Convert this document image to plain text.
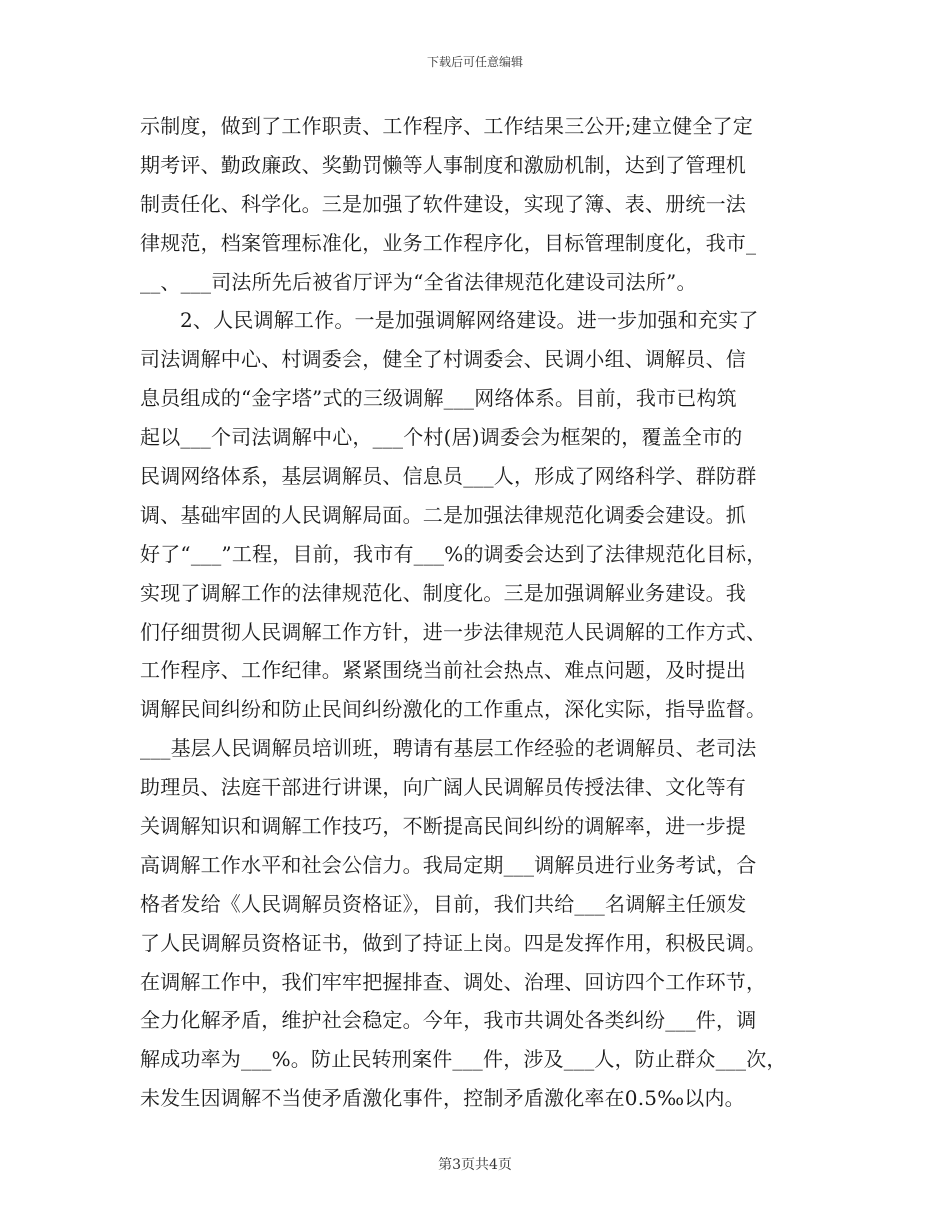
下载后可任意编辑
示制度，做到了工作职责、工作程序、工作结果三公开;建立健全了定
期考评、勤政廉政、奖勤罚懒等人事制度和激励机制，达到了管理机
制责任化、科学化。三是加强了软件建设，实现了簿、表、册统一法
律规范，档案管理标准化，业务工作程序化，目标管理制度化，我市_
__、___司法所先后被省厅评为“全省法律规范化建设司法所”。
2、人民调解工作。一是加强调解网络建设。进一步加强和充实了
司法调解中心、村调委会，健全了村调委会、民调小组、调解员、信
息员组成的“金字塔”式的三级调解___网络体系。目前，我市已构筑
起以___个司法调解中心，___个村(居)调委会为框架的，覆盖全市的
民调网络体系，基层调解员、信息员___人，形成了网络科学、群防群
调、基础牢固的人民调解局面。二是加强法律规范化调委会建设。抓
好了“___”工程，目前，我市有___%的调委会达到了法律规范化目标，
实现了调解工作的法律规范化、制度化。三是加强调解业务建设。我
们仔细贯彻人民调解工作方针，进一步法律规范人民调解的工作方式、
工作程序、工作纪律。紧紧围绕当前社会热点、难点问题，及时提出
调解民间纠纷和防止民间纠纷激化的工作重点，深化实际，指导监督。
___基层人民调解员培训班，聘请有基层工作经验的老调解员、老司法
助理员、法庭干部进行讲课，向广阔人民调解员传授法律、文化等有
关调解知识和调解工作技巧，不断提高民间纠纷的调解率，进一步提
高调解工作水平和社会公信力。我局定期___调解员进行业务考试，合
格者发给《人民调解员资格证》，目前，我们共给___名调解主任颁发
了人民调解员资格证书，做到了持证上岗。四是发挥作用，积极民调。
在调解工作中，我们牢牢把握排查、调处、治理、回访四个工作环节，
全力化解矛盾，维护社会稳定。今年，我市共调处各类纠纷___件，调
解成功率为___%。防止民转刑案件___件，涉及___人，防止群众___次，
未发生因调解不当使矛盾激化事件，控制矛盾激化率在0.5‰以内。
第3页共4页
